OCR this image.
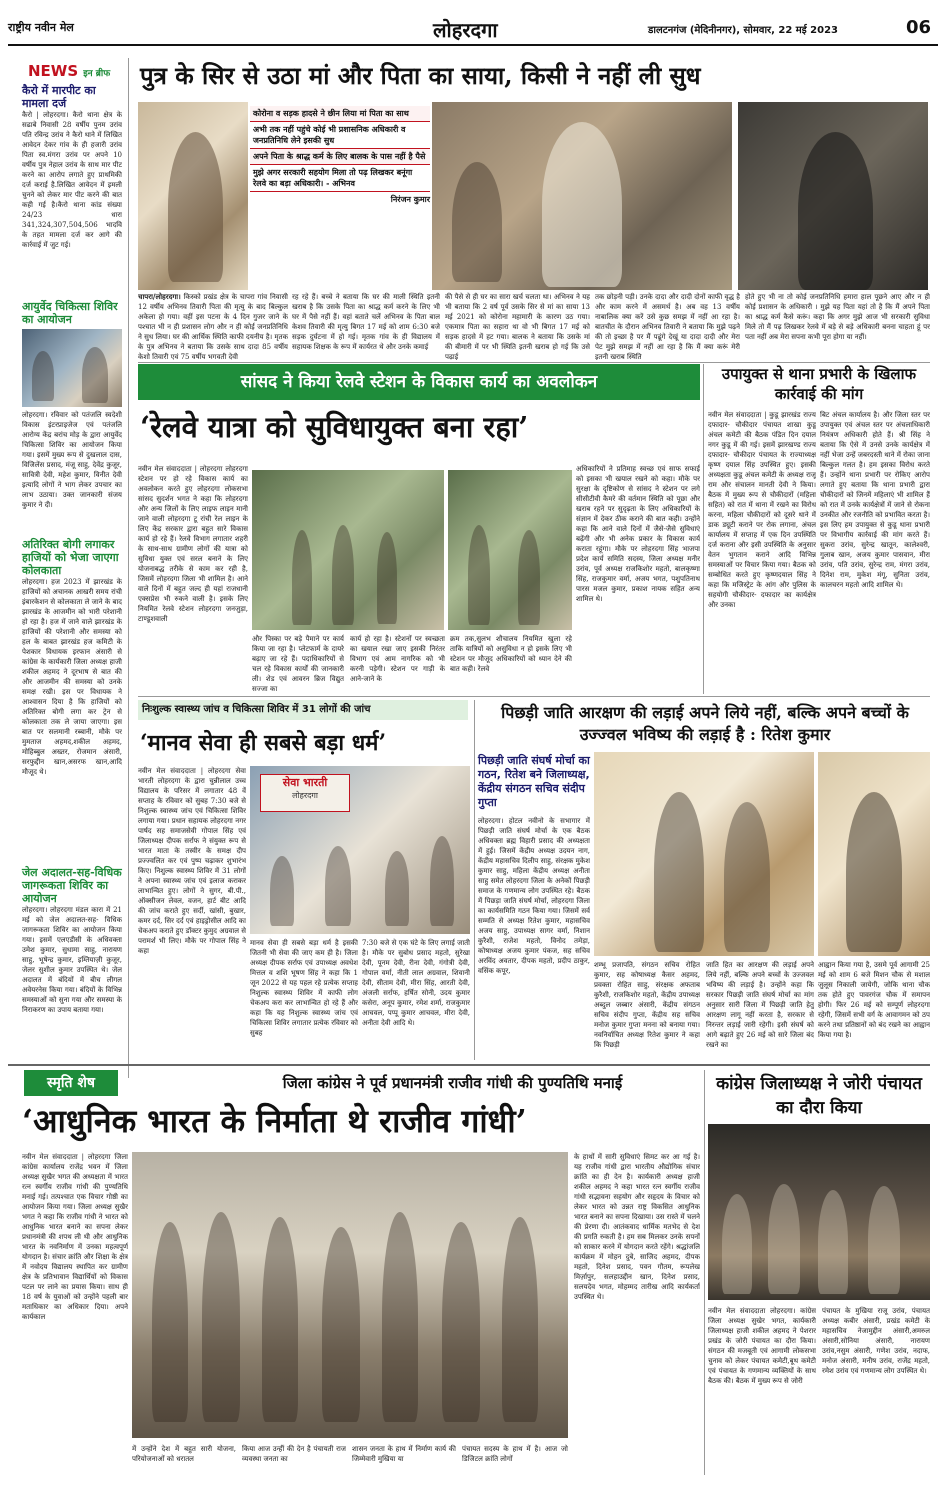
राष्ट्रीय नवीन मेल	लोहरदगा	डालटनगंज (मेदिनीनगर), सोमवार, 22 मई 2023	06
NEWS इन ब्रीफ
कैरो में मारपीट का मामला दर्ज
कैरो | लोहरदगा। कैरो थाना क्षेत्र के सढाबे निवासी 28 वर्षीय पुनम उरांव पति रविन्द्र उरांव ने कैरो थाने में लिखित आवेदन देकर गांव के ही हजारी उरांव पिता स्व.मंगरा उरांव पर अपने 10 वर्षीय पुत्र नेहाल उरांव के साथ मार पीट करने का आरोप लगाते हुए प्राथमिकी दर्ज कराई है.लिखित आवेदन में इमली चुनने को लेकर मार पीट करने की बात कही गई है।कैरो थाना कांड संख्या 24/23 धारा 341,324,307,504,506 भादवि के तहत मामला दर्ज कर आगे की कार्रवाई में जुट गई।
आयुर्वेद चिकित्सा शिविर का आयोजन
लोहरदगा। रविवार को पतंजलि स्वदेशी विकास इंटरप्राइजेज एवं पतंजलि आरोग्य केंद्र बरांच मोड़ के द्वारा आयुर्वेद चिकित्सा शिविर का आयोजन किया गया। इसमें मुख्य रूप से दुखलाल दास, विजिलेंस प्रसाद, मंजू साहु, देवेंद्र कुजूर, सावित्री देवी, महेश कुमार, विनीत देवी इत्यादि लोगों ने भाग लेकर उपचार का लाभ उठाया। उक्त जानकारी संजय कुमार ने दी।
अतिरिक्त बोगी लगाकर हाजियों को भेजा जाएगा कोलकाता
लोहरदगा। हज 2023 में झारखंड के हाजियों को अचानक आखरी समय रांची इंबारकेशन से कोलकाता ले जाने के बाद झारखंड के आजमीन को भारी परेशानी हो रहा है। हज में जाने वाले झारखंड के हाजियों की परेशानी और समस्या को हल के बाबत झारखंड हज कमिटी के पेशकार विधायक इरफान अंसारी से कांग्रेस के कार्यकारी जिला अध्यक्ष हाजी शकील अहमद ने दूरभाष से बात की और आजमीन की समस्या को उनके समक्ष रखी। इस पर विधायक ने आश्वासन दिया है कि हाजियों को अतिरिक्त बोगी लगा कर ट्रेन से कोलकाता तक ले जाया जाएगा। इस बात पर सलमानी रब्बानी, मौके पर मुमताज अहमद,शकील अहमद, मोहिब्बुल अख्तर, रोजमान अंसारी, सरफुद्दीन खान,असरफ खान,आदि मौजूद थे।
जेल अदालत-सह-विधिक जागरूकता शिविर का आयोजन
लोहरदगा। लोहरदगा मंडल कारा में 21 मई को जेल अदालत-सह- विधिक जागरूकता शिविर का आयोजन किया गया। इसमें एलएडीसी के अधिवक्ता उमेश कुमार, सुधामा साहु, नारायण साहु, भूषेन्द्र कुमार, इम्तियाज़ी कुजूर, जेलर सुशील कुमार उपस्थित थे। जेल अदालत में बंदियों में बीच लीगल अवेयरनेस किया गया। बंदियों के विभिन्न समस्याओं को सुना गया और समस्या के निराकरण का उपाय बताया गया।
पुत्र के सिर से उठा मां और पिता का साया, किसी ने नहीं ली सुध
कोरोना व सड़क हादसे ने छीन लिया मां पिता का साथ
अभी तक नहीं पहुंचे कोई भी प्रशासनिक अधिकारी व जनप्रतिनिधि लेने इसकी सुध
अपने पिता के श्राद्ध कर्म के लिए बालक के पास नहीं है पैसे
मुझे अगर सरकारी सहयोग मिला तो पढ़ लिखकर बनूंगा रेलवे का बड़ा अधिकारी। - अभिनव
निरंजन कुमार
चापरा/लोहरदगा। किस्को प्रखंड क्षेत्र के चापरा गांव निवासी 12 वर्षीय अभिनव तिवारी पिता की मृत्यु के बाद बिल्कुल अकेला हो गया। वहीं इस पटना के 4 दिन गुजर जाने के पश्चात भी न ही प्रशासन लोग और न ही कोई जनप्रतिनिधि ने सुध लिया। घर की आर्थिक स्थिति काफी दयनीय है। मृतक के पुत्र अभिनव ने बताया कि उसके साथ दादा 85 वर्षीय केशो तिवारी एवं 75 वर्षीय भगवती देवी
रह रहे हैं। बच्चे ने बताया कि घर की माली स्थिति इतनी खराब है कि उसके पिता का श्राद्ध कर्म करने के लिए भी घर में पैसे नहीं हैं। वहां बताते चलें अभिनव के पिता बाल केशव तिवारी की मृत्यु बिगत 17 मई को शाम 6:30 बजे सड़क दुर्घटना में हो गई। मृतक गांव के ही विद्यालय में सहायक शिक्षक के रूप में कार्यरत थे और उनके कमाई
की पैसे से ही घर का सारा खर्च चलता था। अभिनव ने यह भी बताया कि 2 वर्ष पूर्व उसके सिर से मां का साया 13 मई 2021 को कोरोना महामारी के कारण उठ गया। एकमात्र पिता का सहारा था वो भी बिगत 17 मई को सड़क हादसे में हट गया। बालक ने बताया कि उसके मां की बीमारी में पर भी स्थिति इतनी खराब हो गई कि उसे पढ़ाई
तक छोड़नी पड़ी। उनके दादा और दादी दोनों काफी वृद्ध है और काम करने में असमर्थ है। अब वह 13 वर्षीय नाबालिक क्या करें उसे कुछ समझ में नहीं आ रहा है। बातचीत के दौरान अभिनव तिवारी ने बताया कि मुझे पढ़ने की तो इच्छा है पर मैं पढूंगे देखूं या दादा दादी और मेरा पेट मुझे समझ में नहीं आ रहा है कि मैं क्या करूं मेरी इतनी खराब स्थिति
होते हुए भी ना तो कोई जनप्रतिनिधि हमारा हाल पूछने आए और न ही कोई प्रशासन के अधिकारी । मुझे यह पिता यहां तो है कि मैं अपने पिता का श्राद्ध कर्म कैसे करूं। कहा कि अगर मुझे आज भी सरकारी सुविधा मिले तो मैं पढ़ लिखकर रेलवे में बड़े से बड़े अधिकारी बनना चाहता हूं पर पता नहीं अब मेरा सपना कभी पूरा होगा या नहीं।
सांसद ने किया रेलवे स्टेशन के विकास कार्य का अवलोकन
‘रेलवे यात्रा को सुविधायुक्त बना रहा’
नवीन मेल संवाददाता | लोहरदगा लोहरदगा स्टेशन पर हो रहे विकास कार्य का अवलोकन करते हुए लोहरदगा लोकसभा सांसद सुदर्शन भगत ने कहा कि लोहरदगा और अन्य जिलों के लिए लाइफ लाइन मानी जाने वाली लोहरदगा टू रांची रेल लाइन के लिए केंद्र सरकार द्वारा बहुत सारे विकास कार्य हो रहे हैं। रेलवे विभाग लगातार शहरी के साथ-साथ ग्रामीण लोगों की यात्रा को सुविधा युक्त एवं सरल बनाने के लिए योजनाबद्ध तरीके से काम कर रही है, जिसमें लोहरदगा जिला भी शामिल है। आने वाले दिनों में बहुत जल्द ही यहां राजधानी एक्सप्रेस भी रुकने वाली है। इसके लिए नियमित रेलवे स्टेशन लोहरदगा जनजुड़ा, टाण्डूशवाली
और पिस्का पर बड़े पैमाने पर कार्य किया जा रहा है। प्लेटफार्म के दायरे बढ़ाए जा रहे हैं। पदाधिकारियों से चल रहे विकास कार्यों की जानकारी ली। शेड एवं आवरन ब्रिज विद्युत सज्जा का
कार्य हो रहा है। स्टेशनों पर स्वच्छता का खयाल रखा जाए इसकी निरंतर विभाग एवं आम नागरिक को भी करनी पड़ेगी। स्टेशन पर गाड़ी के आने-जाने के
क्रम तक,सुलभ शौचालय नियमित खुला रहे ताकि यात्रियों को असुविधा न हो इसके लिए भी स्टेशन पर मौजूद अधिकारियों को ध्यान देने की बात कही। रेलवे
अधिकारियों ने प्रतिमाह स्वच्छ एवं साफ सफाई को इसका भी खयाल रखने को कहा। मौके पर सुरक्षा के दृष्टिकोण से सांसद ने स्टेशन पर लगे सीसीटीवी कैमरे की वर्तमान स्थिति को पूछा और खराब रहने पर सुदृढ़ता के लिए अधिकारियों के संज्ञान में देकर ठीक कराने की बात कही। उन्होंने कहा कि आने वाले दिनों में जैसे-जैसे सुविधाएं बढ़ेंगी और भी अनेक प्रकार के विकास कार्य कराता रहूंगा। मौके पर लोहरदगा सिंह भाजपा प्रदेश कार्य समिति सदस्य, जिला अध्यक्ष मनीर उरांव, पूर्व अध्यक्ष राजकिशोर महतो, बालकृष्णा सिंह, राजकुमार वर्मा, अजय भगत, पशुपतिनाथ पारस मजल कुमार, प्रकाश नायक सहित अन्य शामिल थे।
उपायुक्त से थाना प्रभारी के खिलाफ कार्रवाई की मांग
नवीन मेल संवाददाता | कुडू झारखंड राज्य दफादार- चौकीदार पंचायत शाखा कुडू अंचल कमेटी की बैठक पंडित दिन दयाल नगर कुडू में की गई। इसमें झारखण्ड राज्य दफादार- चौकीदार पंचायत के राज्याध्यक्ष कृष्ण दयाल सिंह उपस्थित हुए। इसकी अध्यक्षता कुडू अंचल कमेटी के अध्यक्ष राजू राम और संचालन मानती देवी ने किया। बैठक में मुख्य रूप से चौकीदारों (महिला सहित) को रात में थाना में रखने का विरोध करना, महिला चौकीदारों को दूसरे थाने में डाक ड्यूटी कराने पर रोक लगाना, अंचल कार्यालय में सप्ताह में एक दिन उपस्थिति दर्ज कराना और इसी उपस्थिति के अनुसार वेतन भुगतान कराने आदि विभिन्न समस्याओं पर विचार किया गया। बैठक को सम्बोधित करते हुए कृष्णदयाल सिंह ने कहा कि मजिस्ट्रेट के आंग और पुलिस के सहयोगी चौकीदार- दफादार का कार्यक्षेत्र और उनका
बिट अंचल कार्यालय है। और जिला स्तर पर उपायुक्त एवं अंचल स्तर पर अंचलाधिकारी नियंत्रण अधिकारी होते हैं। श्री सिंह ने बताया कि ऐसे में उनसे उनके कार्यक्षेत्र में नहीं भेजा उन्हें जबरदस्ती थाने में रोका जाना बिल्कुल गलत है। हम इसका विरोध करते हैं। उन्होंने थाना प्रभारी पर रोकिए आरोप लगाते हुए बताया कि थाना प्रभारी द्वारा चौकीदारों को जिनमें महिलाएं भी शामिल हैं को रात में उनके कार्यक्षेत्रों में जाने से रोकना उनकीत और रजनीति को प्रभावित करता है। इस लिए हम उपायुक्त से कुडू थाना प्रभारी पर विभागीय कार्रवाई की मांग करते हैं। सुकरा उरांव, सुरेन्द्र खातून, कालेश्वरी, गुलाब खान, अजय कुमार पासवान, मीरा उरांव, पति उरांव, सुरेन्द्र राम, मंगरा उरांव, दिनेश राम, मुकेश मंगू, सुनिता उरांव, कालचरन महतो आदि शामिल थे।
निःशुल्क स्वास्थ्य जांच व चिकित्सा शिविर में 31 लोगों की जांच
‘मानव सेवा ही सबसे बड़ा धर्म’
नवीन मेल संवाददाता | लोहरदगा सेवा भारती लोहरदगा के द्वारा चुन्नीलाल उच्च विद्यालय के परिसर में लगातार 48 वें सप्ताह के रविवार को सुबह 7:30 बजे से निशुल्क स्वास्थ्य जांच एवं चिकित्सा शिविर लगाया गया। प्रधान सहायक लोहरदगा नगर पार्षद सह समाजसेवी गोपाल सिंह एवं जिलाध्यक्ष दीपक सर्राफ ने संयुक्त रूप से भारत माता के तस्वीर के समक्ष दीप प्रज्ज्वलित कर एवं पुष्प चढ़ाकर शुभारंभ किए। निशुल्क स्वास्थ्य शिविर में 31 लोगों ने अपना स्वास्थ्य जांच एवं इलाज कराकर लाभान्वित हुए। लोगों ने सुगर, बी.पी., ऑक्सीजन लेवल, वजन, हार्ट बीट आदि की जांच कराते हुए सर्दी, खांसी, बुखार, कमर दर्द, सिर दर्द एवं हाइड्रोसील आदि का चेकअप कराते हुए डॉक्टर कुमुद अग्रवाल से परामर्श भी लिए। मौके पर गोपाल सिंह ने कहा
सेवा भारती
लोहरदगा
मानव सेवा ही सबसे बड़ा धर्म है इसकी जितनी भी सेवा की जाए कम ही है। जिला अध्यक्ष दीपक सर्राफ एवं उपाध्यक्ष अवधेश मित्तल व शशि भूषण सिंह ने कहा कि 1 जून 2022 से यह पहल रहे प्रत्येक सप्ताह निशुल्क स्वास्थ्य शिविर में काफी लोग चेकअप करा कर लाभान्वित हो रहे हैं और कहा कि यह निशुल्क स्वास्थ्य जांच एवं चिकित्सा शिविर लगातार प्रत्येक रविवार को सुबह
7:30 बजे से एक घंटे के लिए लगाई जाती है। मौके पर सुबोध प्रसाद महतो, सुरेखा देवी, पूनम देवी, रीना देवी, गंगोत्री देवी, गोपाल वर्मा, नीती लाल अग्रवाल, शिवानी देवी, सीताम देवी, मीरा सिंह, आरती देवी, अंजली सर्राफ, हर्षित सोनी, उदय कुमार कसेरा, अनूप कुमार, रमेश शर्मा, राजकुमार आचवल, पप्पू कुमार आचवल, मीरा देवी, अनीता देवी आदि थे।
पिछड़ी जाति आरक्षण की लड़ाई अपने लिये नहीं, बल्कि अपने बच्चों के उज्ज्वल भविष्य की लड़ाई है : रितेश कुमार
पिछड़ी जाति संघर्ष मोर्चा का गठन, रितेश बने जिलाध्यक्ष, केंद्रीय संगठन सचिव संदीप गुप्ता
लोहरदगा। होटल नवीनो के सभागार में पिछड़ी जाति संघर्ष मोर्चा के एक बैठक अधिवक्ता ब्रह्म विहारी प्रसाद की अध्यक्षता में हुई। जिसमें केंद्रीय अध्यक्ष उदयन नाग, केंद्रीय महासचिव दिलीप साहु, संरक्षक मुकेश कुमार साहु, महिला केंद्रीय अध्यक्ष अनीता साहु समेत लोहरदगा जिला के अनेकों पिछड़ी समाज के गणमान्य लोग उपस्थित रहे। बैठक में पिछड़ा जाति संघर्ष मोर्चा, लोहरदगा जिला का कार्यसमिति गठन किया गया। जिसमें सर्व सम्मति से अध्यक्ष रितेश कुमार, महासचिव अजय साहु, उपाध्यक्ष सागर वर्मा, निशान कुरैशी, राजेश महतो, विनोद तमेड़ा, कोषाध्यक्ष अजय कुमार पंकज, सह सचिव अरविंद अवतार, दीपक महतो, प्रदीप ठाकुर, वसिंक कपूर,
शम्भू प्रजापति, संगठन सचिव रोहित कुमार, सह कोषाध्यक्ष कैसर अहमद, प्रवक्ता रोहित साहु, संरक्षक अफताब कुरैशी, राजकिशोर महतो, केंद्रीय उपाध्यक्ष अब्दुल जब्बार अंसारी, केंद्रीय संगठन सचिव संदीप गुप्ता, केंद्रीय सह सचिव मनोज कुमार गुप्ता मनना को बनाया गया। नवनिर्वाचित अध्यक्ष रितेश कुमार ने कहा कि पिछड़ी
जाति हित का आरक्षण की लड़ाई अपने लिये नहीं, बल्कि अपने बच्चों के उज्जवल भविष्य की लड़ाई है। उन्होंने कहा कि सरकार पिछड़ी जाति संघर्ष मोर्चा का मांग अनुसार सारी जिला में पिछड़ी जाति हेतु आरक्षण लागू नहीं करता है, सरकार से निरन्तर लड़ाई जारी रहेगी। इसी संघर्ष को आगे बढ़ाते हुए 26 मई को सारे जिला बंद रखने का
आह्वान किया गया है, उसमे पूर्व आगामी 25 मई को शाम 6 बजे मिशन चौक से मशाल जुलूस निकाली जायेगी, जोकि थाना चौक तक होते हुए पावरगंज चौक में समापन होगी। फिर 26 मई को सम्पूर्ण लोहरदगा रहेगी, जिसमें सभी वर्ग के आवागमन को ठप करने तथा प्रतिष्ठानों को बंद रखने का आह्वान किया गया है।
स्मृति शेष	जिला कांग्रेस ने पूर्व प्रधानमंत्री राजीव गांधी की पुण्यतिथि मनाई
‘आधुनिक भारत के निर्माता थे राजीव गांधी’
नवीन मेल संवाददाता | लोहरदगा जिला कांग्रेस कार्यालय राजेंद्र भवन में जिला अध्यक्ष सुखैर भगत की अध्यक्षता में भारत रत्न स्वर्गीय राजीव गांधी की पुण्यतिथि मनाई गई। तत्पश्चात एक विचार गोष्ठी का आयोजन किया गया। जिला अध्यक्ष सुखैर भगत ने कहा कि राजीव गांधी ने भारत को आधुनिक भारत बनाने का सपना लेकर प्रधानमंत्री की शपथ ली थी और आधुनिक भारत के नवनिर्माण में उनका महत्वपूर्ण योगदान है। संचार क्रांति और शिक्षा के क्षेत्र में नवोदय विद्यालय स्थापित कर ग्रामीण क्षेत्र के प्रतिभावान विद्यार्थियों को विकास पटल पर लाने का प्रयास किया। साथ ही 18 वर्ष के युवाओं को उन्होंने पहली बार मताधिकार का अधिकार दिया। अपने कार्यकाल
में उन्होंने देश में बहुत सारी योजना, परियोजनाओं को धरातल
किया आज उन्हीं की देन है पंचायती राज व्यवस्था जनता का
शासन जनता के हाथ में निर्माण कार्य की जिम्मेवारी मुखिया या
पंचायत सदस्य के हाथ में है। आज जो डिजिटल क्रांति लोगों
के हाथों में सारी सुविधाएं सिमट कर आ गई है। यह राजीव गांधी द्वारा भारतीय औद्योगिक संचार क्रांति का ही देन है। कार्यकारी अध्यक्ष हाजी शकील अहमद ने कहा भारत रत्न स्वर्गीय राजीव गांधी सद्भावना सहयोग और सहृदय के विचार को लेकर भारत को उन्नत राष्ट्र विकसित आधुनिक भारत बनाने का सपना दिखाया। उस रास्ते में चलने की प्रेरणा दी। आतंकवाद धार्मिक मतभेद से देश की प्रगति रुकती है। हम सब मिलकर उनके सपनों को साकार करने में योगदान करते रहेंगे। श्रद्धांजलि कार्यक्रम में मोहन दुबे, साजिद अहमद, दीपक महतो, दिनेश प्रसाद, पवन गौतम, रूपलेख मिर्ज़ापुर, सलहाउद्दीन खान, दिनेश प्रसाद, सलयदेव भगत, मोहम्मद तारीख आदि कार्यकर्ता उपस्थित थे।
कांग्रेस जिलाध्यक्ष ने जोरी पंचायत का दौरा किया
नवीन मेल संवाददाता लोहरदगा। कांग्रेस जिला अध्यक्ष सुखेर भगत, कार्यकारी जिलाध्यक्ष हाजी शकील अहमद ने पेशरार प्रखंड के जोरी पंचायत का दौरा किया। संगठन की मजबूती एवं आगामी लोकसभा चुनाव को लेकर पंचायत कमेटी,बूथ कमेटी एवं पंचायत के गणमान्य व्यक्तियों के साथ बैठक की। बैठक में मुख्य रूप से जोरी
पंचायत के मुखिया राजू उरांव, पंचायत अध्यक्ष कबीर अंसारी, प्रखंड कमेटी के महासचिव नेजामुद्दीन अंसारी,अमरुल अंसारी,सोनिया अंसारी, नारायण उरांव,नसुम अंसारी, गणेश उरांव, नदाफ, मनोज अंसारी, मनीष उरांव, राजेंद्र महतो, रमेश उरांव एवं गणमान्य लोग उपस्थित थे।
